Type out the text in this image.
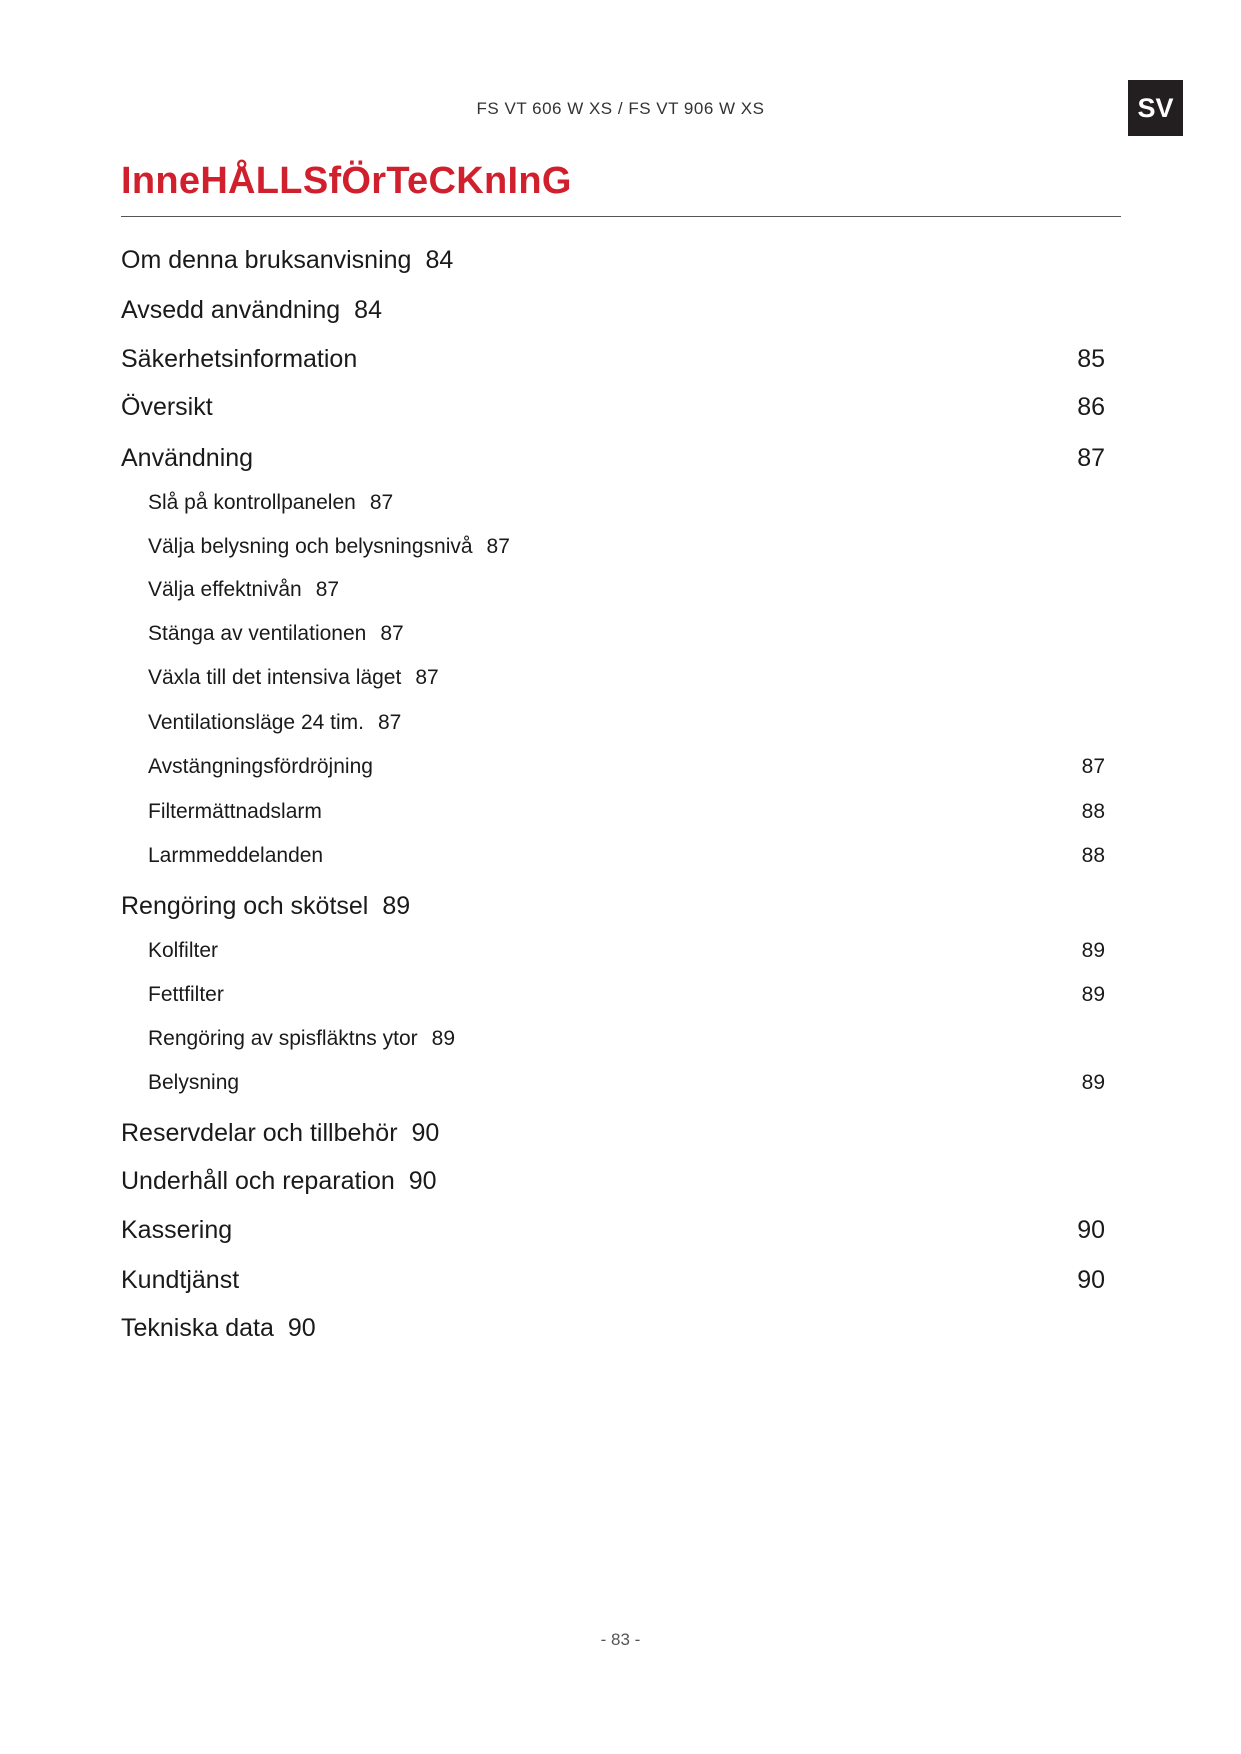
FS VT 606 W XS / FS VT 906 W XS	SV
InneHÅLLSfÖrTeCKnInG
Om denna bruksanvisning 84
Avsedd användning 84
Säkerhetsinformation	85
Översikt	86
Användning	87
Slå på kontrollpanelen 87
Välja belysning och belysningsnivå 87
Välja effektnivån 87
Stänga av ventilationen 87
Växla till det intensiva läget 87
Ventilationsläge 24 tim. 87
Avstängningsfördröjning	87
Filtermättnadslarm	88
Larmmeddelanden	88
Rengöring och skötsel 89
Kolfilter	89
Fettfilter	89
Rengöring av spisfläktns ytor 89
Belysning	89
Reservdelar och tillbehör 90
Underhåll och reparation 90
Kassering	90
Kundtjänst	90
Tekniska data 90
- 83 -
